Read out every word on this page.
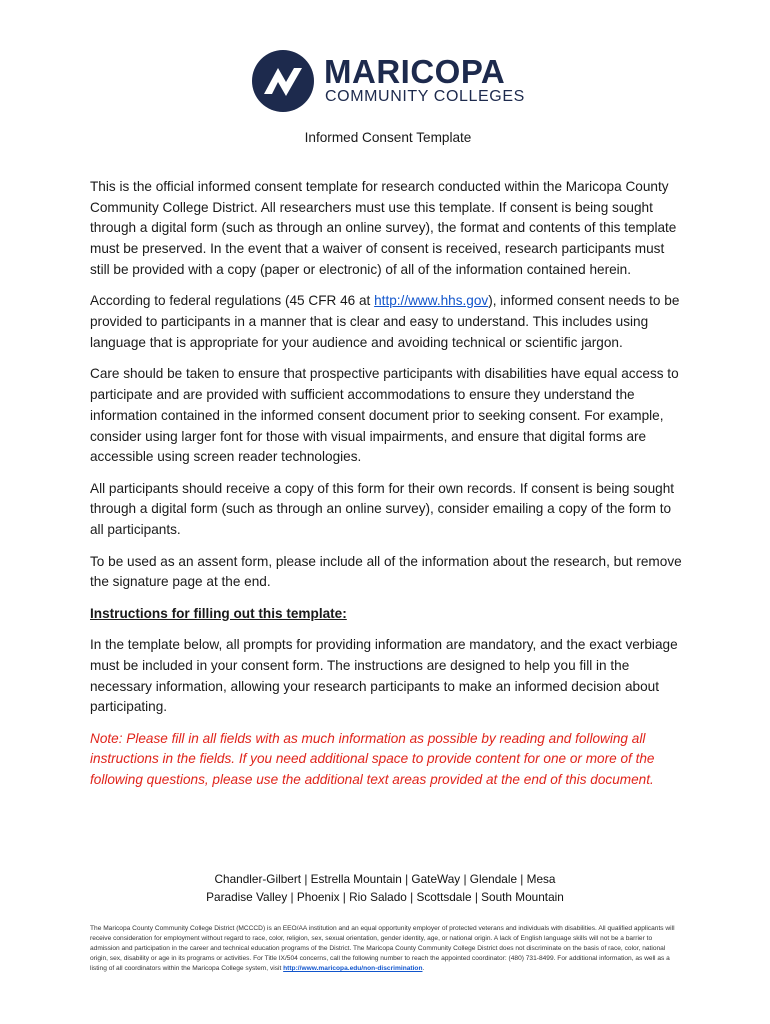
MARICOPA
COMMUNITY COLLEGES

Informed Consent Template

This is the official informed consent template for research conducted within the Maricopa County Community College District. All researchers must use this template. If consent is being sought through a digital form (such as through an online survey), the format and contents of this template must be preserved. In the event that a waiver of consent is received, research participants must still be provided with a copy (paper or electronic) of all of the information contained herein.

According to federal regulations (45 CFR 46 at http://www.hhs.gov), informed consent needs to be provided to participants in a manner that is clear and easy to understand. This includes using language that is appropriate for your audience and avoiding technical or scientific jargon.

Care should be taken to ensure that prospective participants with disabilities have equal access to participate and are provided with sufficient accommodations to ensure they understand the information contained in the informed consent document prior to seeking consent. For example, consider using larger font for those with visual impairments, and ensure that digital forms are accessible using screen reader technologies.

All participants should receive a copy of this form for their own records. If consent is being sought through a digital form (such as through an online survey), consider emailing a copy of the form to all participants.

To be used as an assent form, please include all of the information about the research, but remove the signature page at the end.

Instructions for filling out this template:

In the template below, all prompts for providing information are mandatory, and the exact verbiage must be included in your consent form. The instructions are designed to help you fill in the necessary information, allowing your research participants to make an informed decision about participating.

Note: Please fill in all fields with as much information as possible by reading and following all instructions in the fields. If you need additional space to provide content for one or more of the following questions, please use the additional text areas provided at the end of this document.

Chandler-Gilbert | Estrella Mountain | GateWay | Glendale | Mesa
Paradise Valley | Phoenix | Rio Salado | Scottsdale | South Mountain
The Maricopa County Community College District (MCCCD) is an EEO/AA institution and an equal opportunity employer of protected veterans and individuals with disabilities. All qualified applicants will receive consideration for employment without regard to race, color, religion, sex, sexual orientation, gender identity, age, or national origin. A lack of English language skills will not be a barrier to admission and participation in the career and technical education programs of the District. The Maricopa County Community College District does not discriminate on the basis of race, color, national origin, sex, disability or age in its programs or activities. For Title IX/504 concerns, call the following number to reach the appointed coordinator: (480) 731-8499. For additional information, as well as a listing of all coordinators within the Maricopa College system, visit http://www.maricopa.edu/non-discrimination.
